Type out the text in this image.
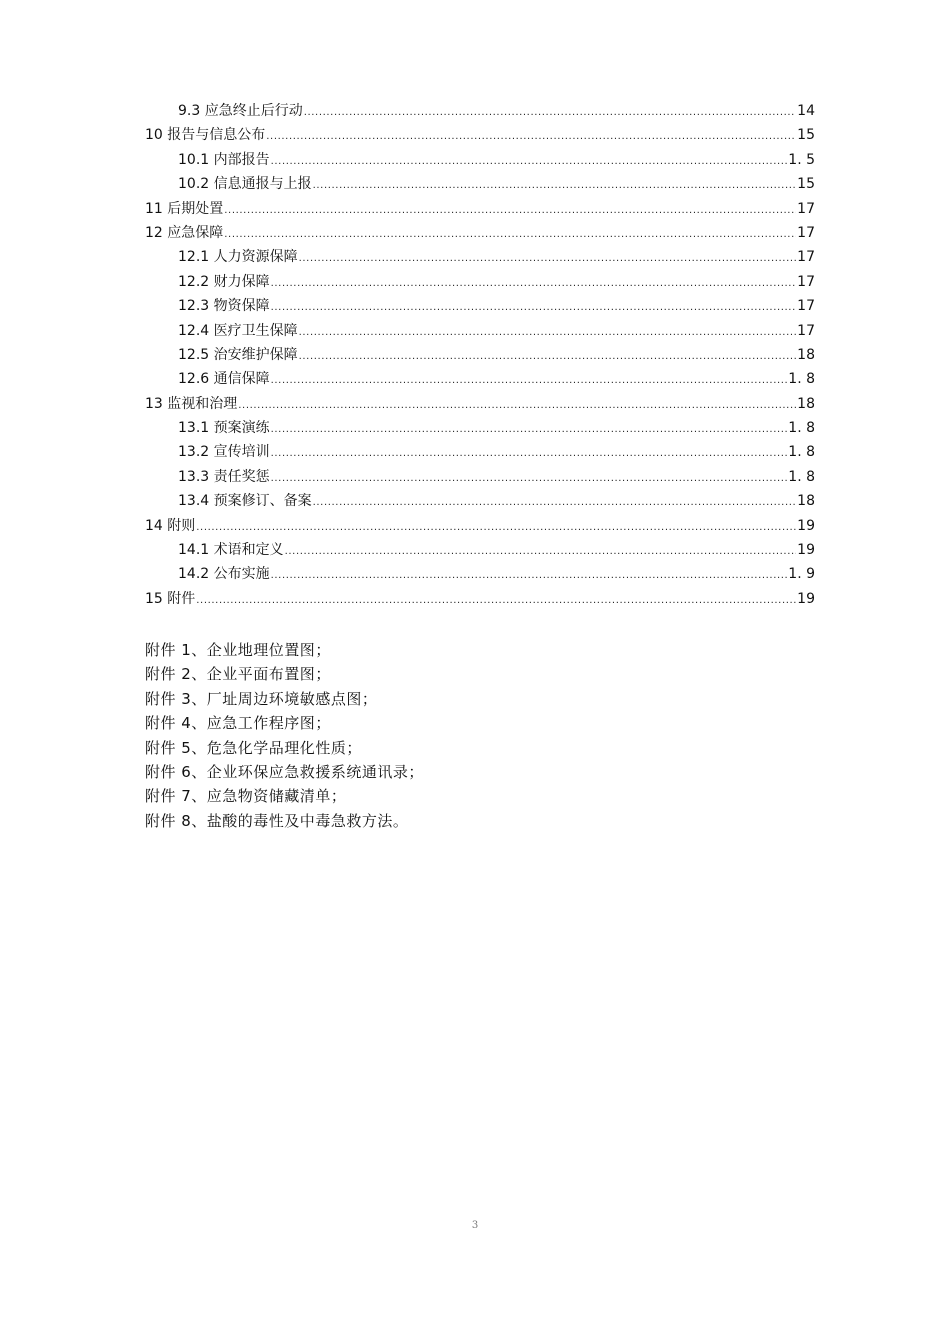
9.3 应急终止后行动 .....	14
10 报告与信息公布 .....	15
10.1 内部报告 .....	1. 5
10.2 信息通报与上报 .....	15
11 后期处置 .....	17
12 应急保障 .....	17
12.1 人力资源保障 .....	17
12.2 财力保障 .....	17
12.3 物资保障 .....	17
12.4 医疗卫生保障 .....	17
12.5 治安维护保障 .....	18
12.6 通信保障 .....	1. 8
13 监视和治理 .....	18
13.1 预案演练 .....	1. 8
13.2 宣传培训 .....	1. 8
13.3 责任奖惩 .....	1. 8
13.4 预案修订、备案 .....	18
14 附则 .....	19
14.1 术语和定义 .....	19
14.2 公布实施 .....	1. 9
15 附件 .....	19
附件 1、企业地理位置图；
附件 2、企业平面布置图；
附件 3、厂址周边环境敏感点图；
附件 4、应急工作程序图；
附件 5、危急化学品理化性质；
附件 6、企业环保应急救援系统通讯录；
附件 7、应急物资储藏清单；
附件 8、盐酸的毒性及中毒急救方法。
3
